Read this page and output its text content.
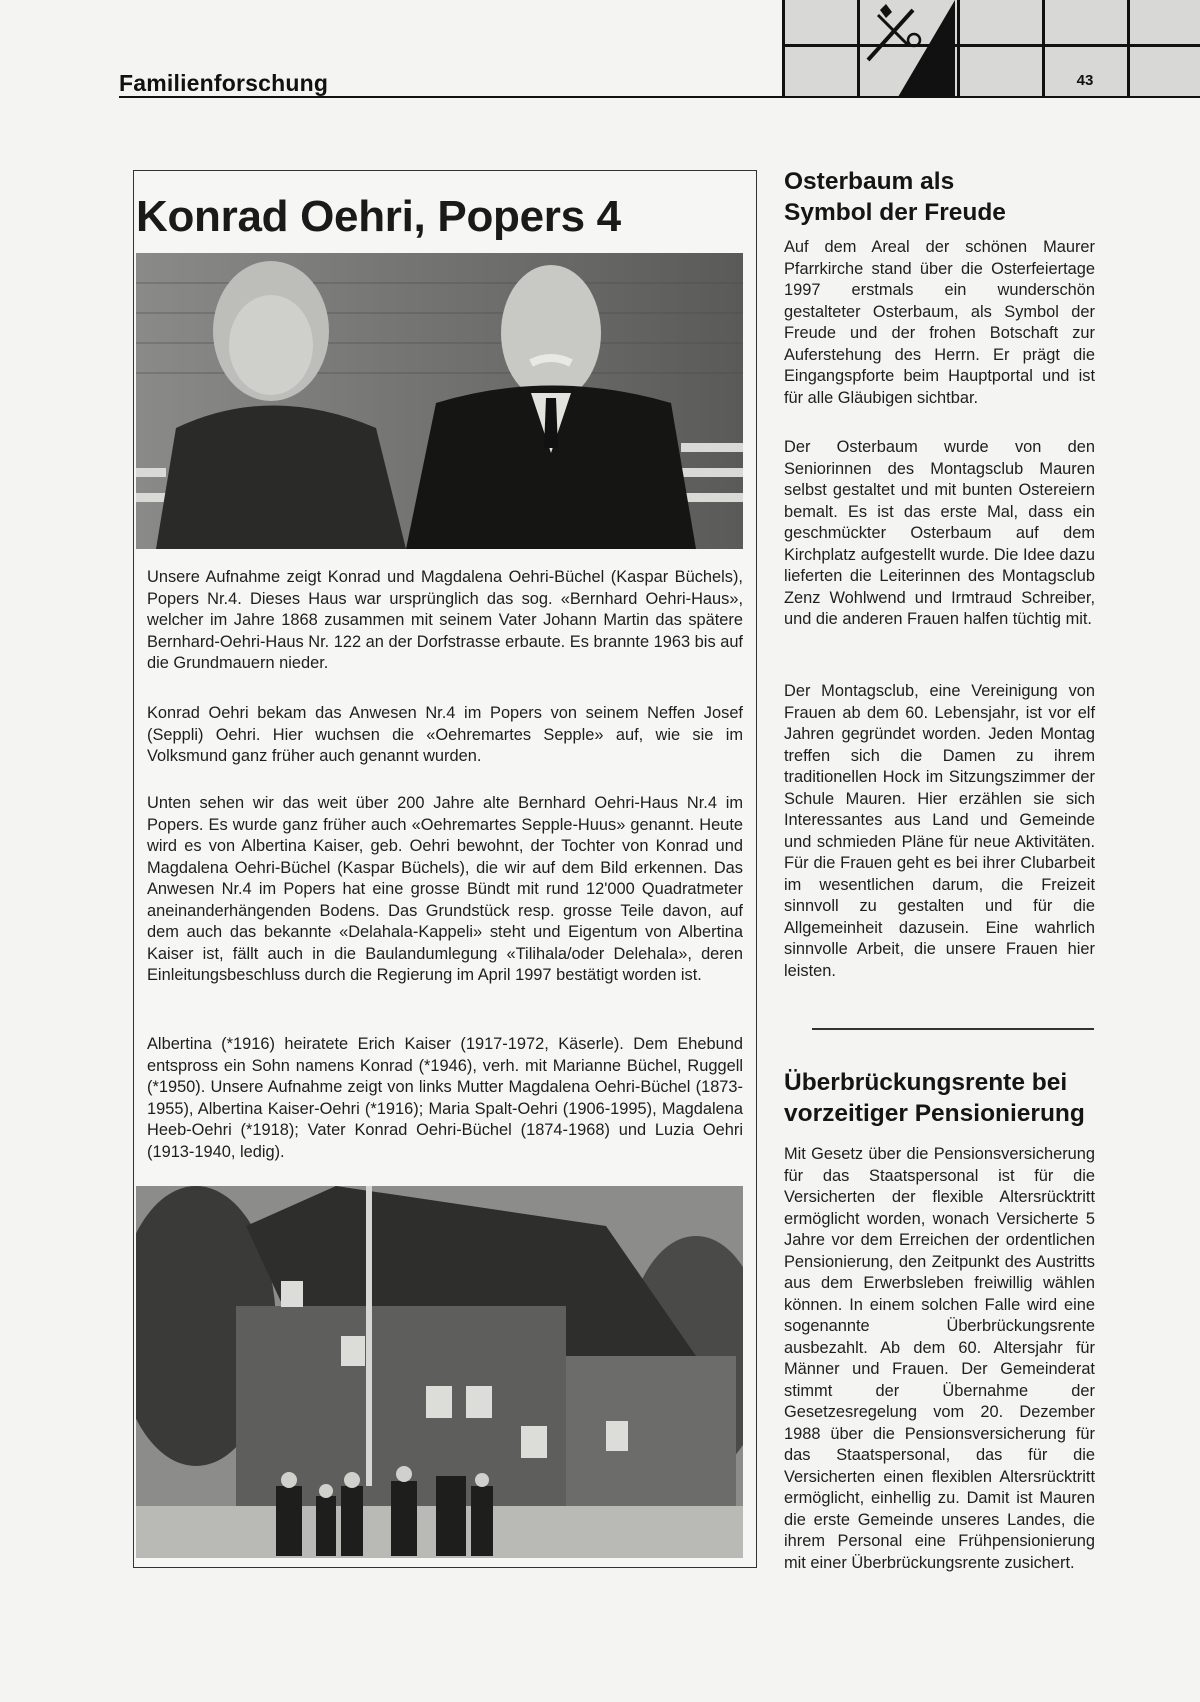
Familienforschung	43
Konrad Oehri, Popers 4

Unsere Aufnahme zeigt Konrad und Magdalena Oehri-Büchel (Kaspar Büchels), Popers Nr.4. Dieses Haus war ursprünglich das sog. «Bernhard Oehri-Haus», welcher im Jahre 1868 zusammen mit seinem Vater Johann Martin das spätere Bernhard-Oehri-Haus Nr. 122 an der Dorfstrasse erbaute. Es brannte 1963 bis auf die Grundmauern nieder.

Konrad Oehri bekam das Anwesen Nr.4 im Popers von seinem Neffen Josef (Seppli) Oehri. Hier wuchsen die «Oehremartes Sepple» auf, wie sie im Volksmund ganz früher auch genannt wurden.

Unten sehen wir das weit über 200 Jahre alte Bernhard Oehri-Haus Nr.4 im Popers. Es wurde ganz früher auch «Oehremartes Sepple-Huus» genannt. Heute wird es von Albertina Kaiser, geb. Oehri bewohnt, der Tochter von Konrad und Magdalena Oehri-Büchel (Kaspar Büchels), die wir auf dem Bild erkennen. Das Anwesen Nr.4 im Popers hat eine grosse Bündt mit rund 12'000 Quadratmeter aneinanderhängenden Bodens. Das Grundstück resp. grosse Teile davon, auf dem auch das bekannte «Delahala-Kappeli» steht und Eigentum von Albertina Kaiser ist, fällt auch in die Baulandumlegung «Tilihala/oder Delehala», deren Einleitungsbeschluss durch die Regierung im April 1997 bestätigt worden ist.

Albertina (*1916) heiratete Erich Kaiser (1917-1972, Käserle). Dem Ehebund entspross ein Sohn namens Konrad (*1946), verh. mit Marianne Büchel, Ruggell (*1950). Unsere Aufnahme zeigt von links Mutter Magdalena Oehri-Büchel (1873-1955), Albertina Kaiser-Oehri (*1916); Maria Spalt-Oehri (1906-1995), Magdalena Heeb-Oehri (*1918); Vater Konrad Oehri-Büchel (1874-1968) und Luzia Oehri (1913-1940, ledig).

Osterbaum als
Symbol der Freude

Auf dem Areal der schönen Maurer Pfarrkirche stand über die Osterfeiertage 1997 erstmals ein wunderschön gestalteter Osterbaum, als Symbol der Freude und der frohen Botschaft zur Auferstehung des Herrn. Er prägt die Eingangspforte beim Hauptportal und ist für alle Gläubigen sichtbar.

Der Osterbaum wurde von den Seniorinnen des Montagsclub Mauren selbst gestaltet und mit bunten Ostereiern bemalt. Es ist das erste Mal, dass ein geschmückter Osterbaum auf dem Kirchplatz aufgestellt wurde. Die Idee dazu lieferten die Leiterinnen des Montagsclub Zenz Wohlwend und Irmtraud Schreiber, und die anderen Frauen halfen tüchtig mit.

Der Montagsclub, eine Vereinigung von Frauen ab dem 60. Lebensjahr, ist vor elf Jahren gegründet worden. Jeden Montag treffen sich die Damen zu ihrem traditionellen Hock im Sitzungszimmer der Schule Mauren. Hier erzählen sie sich Interessantes aus Land und Gemeinde und schmieden Pläne für neue Aktivitäten. Für die Frauen geht es bei ihrer Clubarbeit im wesentlichen darum, die Freizeit sinnvoll zu gestalten und für die Allgemeinheit dazusein. Eine wahrlich sinnvolle Arbeit, die unsere Frauen hier leisten.

Überbrückungsrente bei
vorzeitiger Pensionierung

Mit Gesetz über die Pensionsversicherung für das Staatspersonal ist für die Versicherten der flexible Altersrücktritt ermöglicht worden, wonach Versicherte 5 Jahre vor dem Erreichen der ordentlichen Pensionierung, den Zeitpunkt des Austritts aus dem Erwerbsleben freiwillig wählen können. In einem solchen Falle wird eine sogenannte Überbrückungsrente ausbezahlt. Ab dem 60. Altersjahr für Männer und Frauen. Der Gemeinderat stimmt der Übernahme der Gesetzesregelung vom 20. Dezember 1988 über die Pensionsversicherung für das Staatspersonal, das für die Versicherten einen flexiblen Altersrücktritt ermöglicht, einhellig zu. Damit ist Mauren die erste Gemeinde unseres Landes, die ihrem Personal eine Frühpensionierung mit einer Überbrückungsrente zusichert.
